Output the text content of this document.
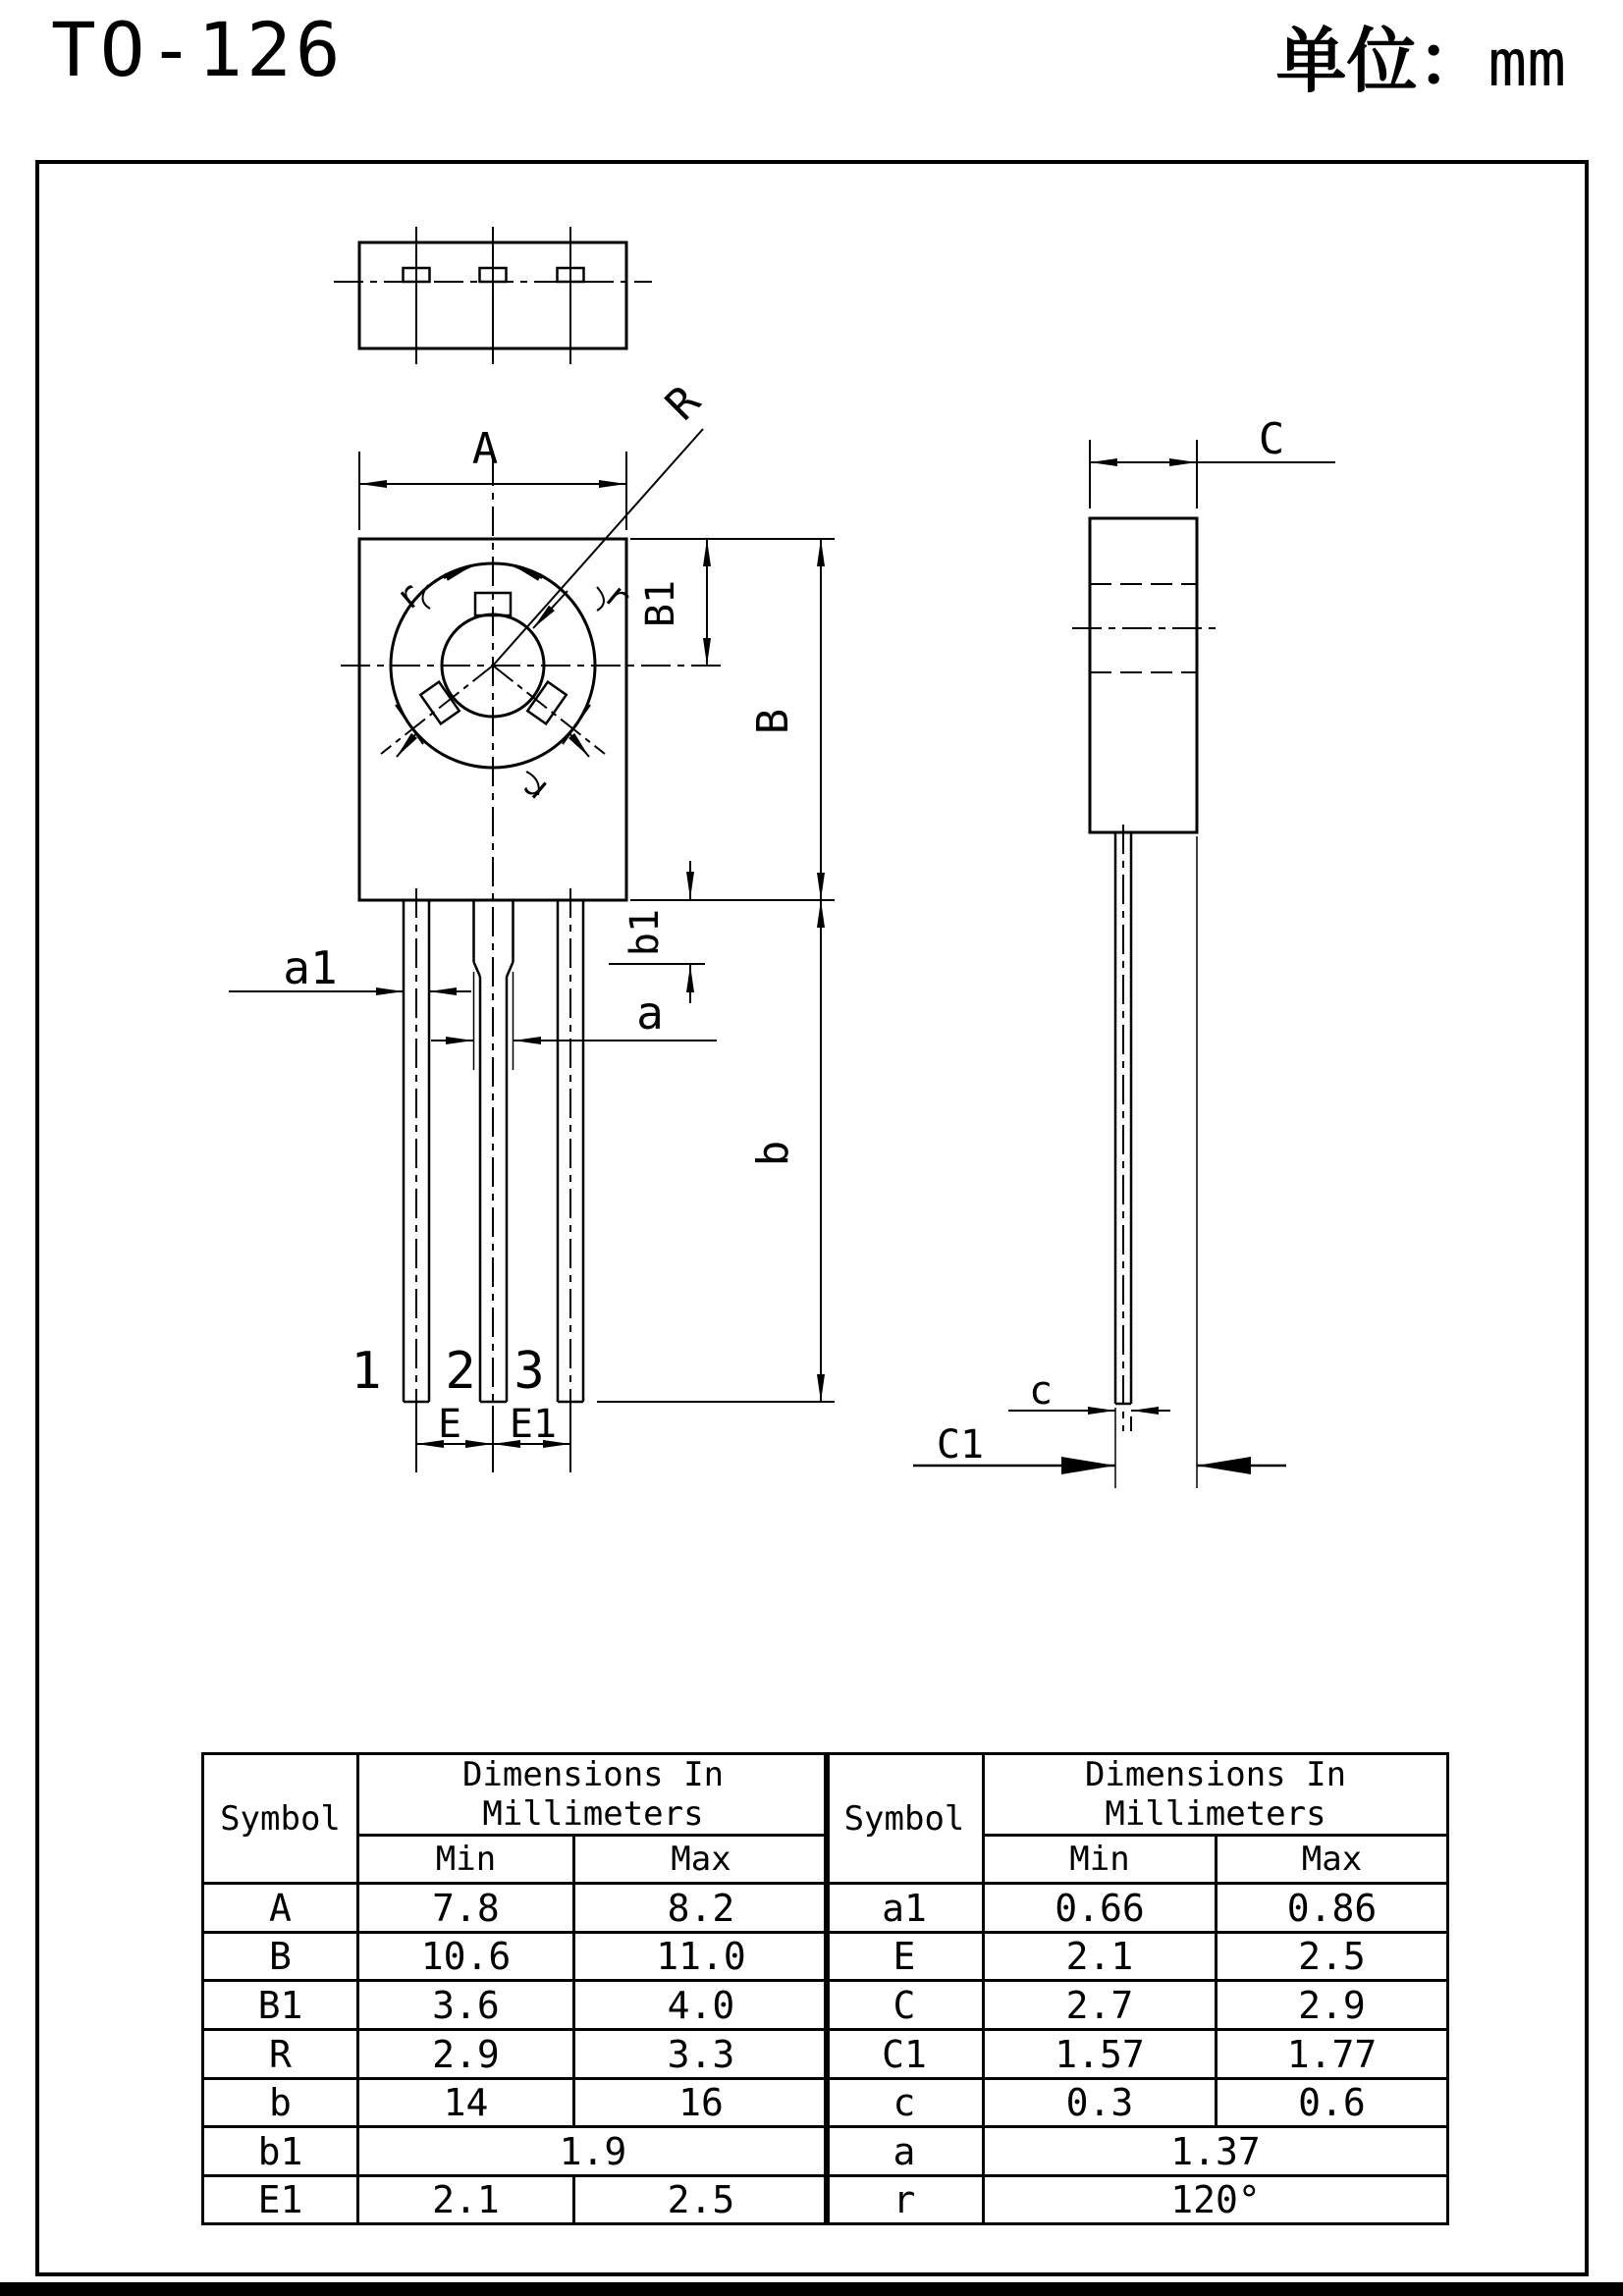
TO-126	单位：mm
A
R
B1
B
b1
b
a1
a
E E1
1 2 3
r	r
r
C
c
C1
Symbol	Dimensions In Millimeters	
	Min	Max
A	7.8	8.2
B	10.6	11.0
B1	3.6	4.0
R	2.9	3.3
b	14	16
b1	1.9	
E1	2.1	2.5
Symbol	Dimensions In Millimeters	
	Min	Max
a1	0.66	0.86
E	2.1	2.5
C	2.7	2.9
C1	1.57	1.77
c	0.3	0.6
a	1.37	
r	120°	
